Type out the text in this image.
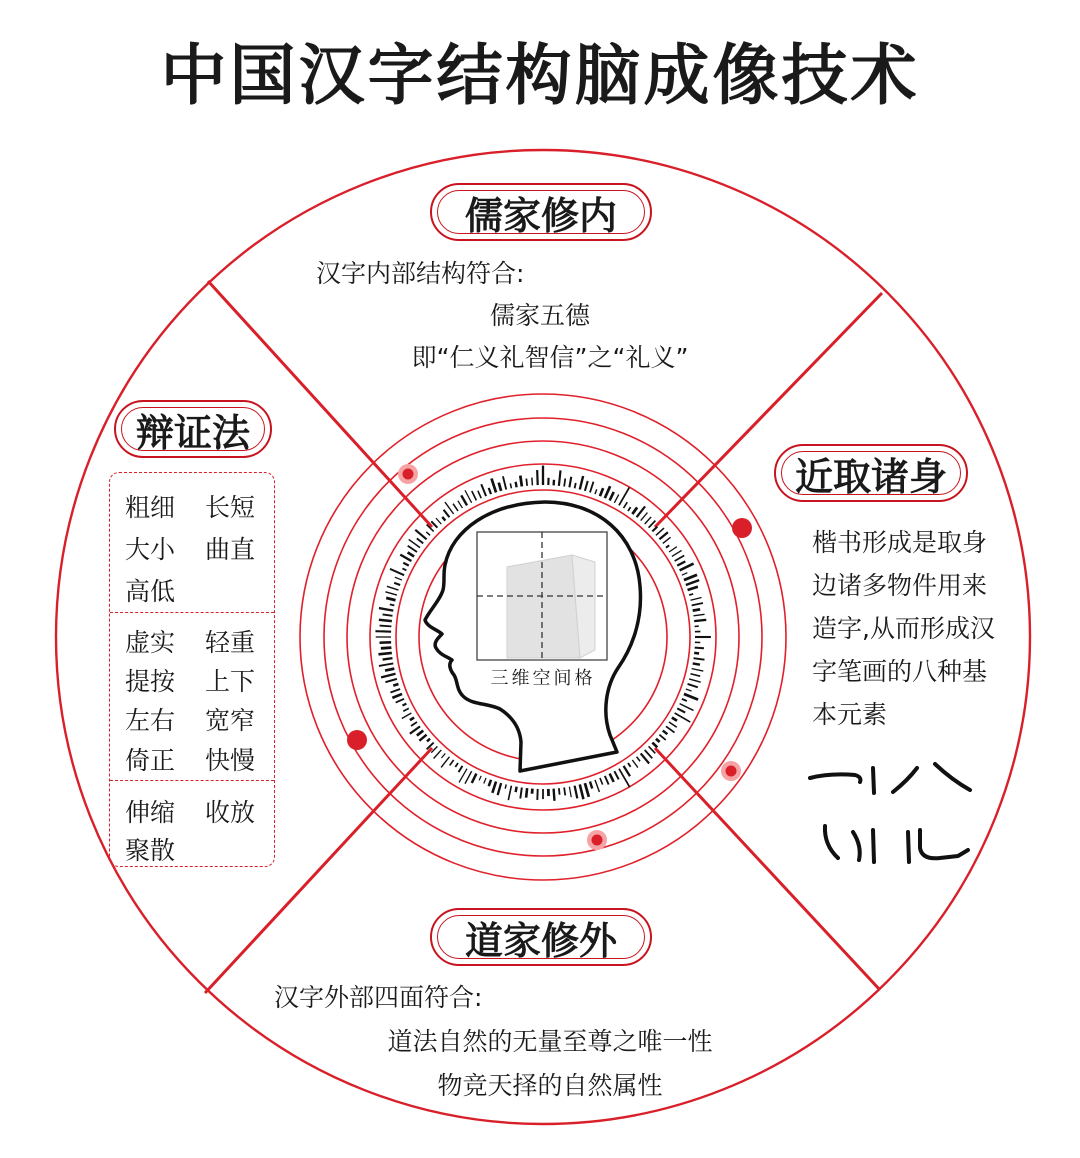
中国汉字结构脑成像技术
儒家修内
辩证法
近取诸身
道家修外
汉字内部结构符合:
儒家五德
即“仁义礼智信”之“礼义”
楷书形成是取身
边诸多物件用来
造字,从而形成汉
字笔画的八种基
本元素
汉字外部四面符合:
道法自然的无量至尊之唯一性
物竞天择的自然属性
粗细 长短
大小 曲直
高低
虚实 轻重
提按 上下
左右 宽窄
倚正 快慢
伸缩 收放
聚散
三维空间格
